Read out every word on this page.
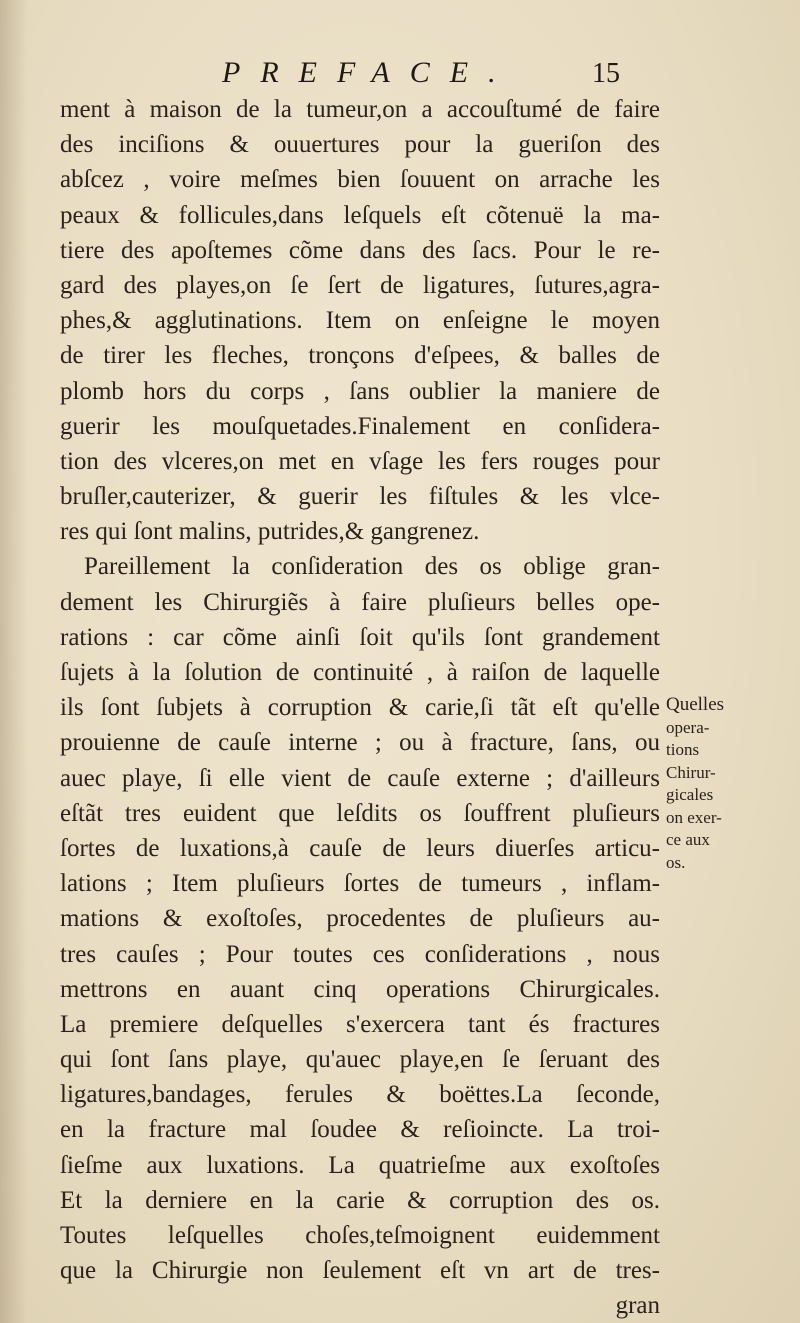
PREFACE.	15
ment à maison de la tumeur,on a accouſtumé de faire
des inciſions & ouuertures pour la gueriſon des
abſcez , voire meſmes bien ſouuent on arrache les
peaux & follicules,dans leſquels eſt cõtenuë la ma-
tiere des apoſtemes cõme dans des ſacs. Pour le re-
gard des playes,on ſe ſert de ligatures, ſutures,agra-
phes,& agglutinations. Item on enſeigne le moyen
de tirer les fleches, tronçons d'eſpees, & balles de
plomb hors du corps , ſans oublier la maniere de
guerir les mouſquetades.Finalement en conſidera-
tion des vlceres,on met en vſage les fers rouges pour
bruſler,cauterizer, & guerir les fiſtules & les vlce-
res qui ſont malins, putrides,& gangrenez.
Pareillement la conſideration des os oblige gran-
dement les Chirurgiẽs à faire pluſieurs belles ope-
rations : car cõme ainſi ſoit qu'ils ſont grandement
ſujets à la ſolution de continuité , à raiſon de laquelle
ils ſont ſubjets à corruption & carie,ſi tãt eſt qu'elle
prouienne de cauſe interne ; ou à fracture, ſans, ou
auec playe, ſi elle vient de cauſe externe ; d'ailleurs
eſtãt tres euident que leſdits os ſouffrent pluſieurs
ſortes de luxations,à cauſe de leurs diuerſes articu-
lations ; Item pluſieurs ſortes de tumeurs , inflam-
mations & exoſtoſes, procedentes de pluſieurs au-
tres cauſes ; Pour toutes ces conſiderations , nous
mettrons en auant cinq operations Chirurgicales.
La premiere deſquelles s'exercera tant és fractures
qui ſont ſans playe, qu'auec playe,en ſe ſeruant des
ligatures,bandages, ferules & boëttes.La ſeconde,
en la fracture mal ſoudee & reſioincte. La troi-
ſieſme aux luxations. La quatrieſme aux exoſtoſes
Et la derniere en la carie & corruption des os.
Toutes leſquelles choſes,teſmoignent euidemment
que la Chirurgie non ſeulement eſt vn art de tres-
gran
Quelles
opera-
tions
Chirur-
gicales
on exer-
ce aux
os.
